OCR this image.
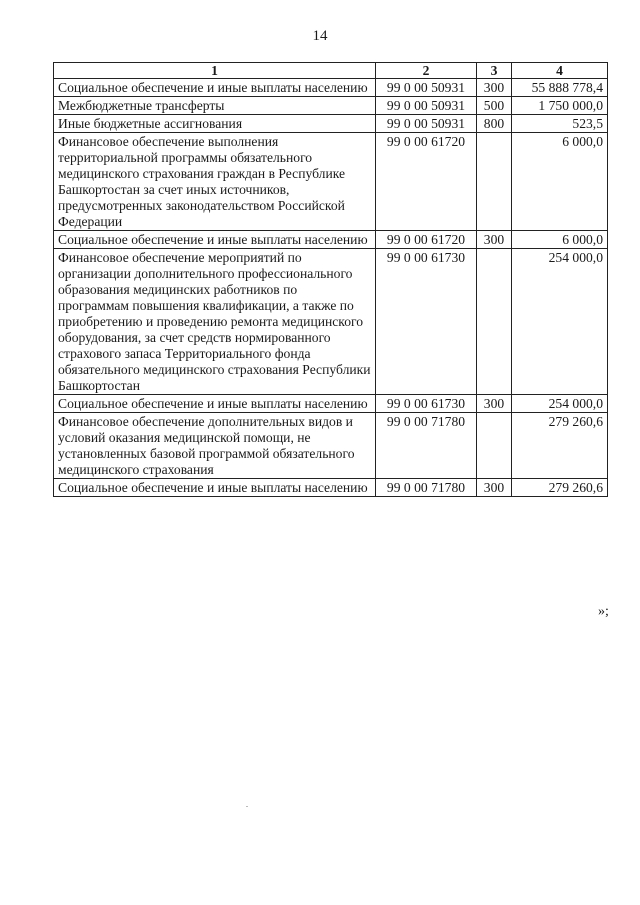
14
1	2	3	4
Социальное обеспечение и иные выплаты населению	99 0 00 50931	300	55 888 778,4
Межбюджетные трансферты	99 0 00 50931	500	1 750 000,0
Иные бюджетные ассигнования	99 0 00 50931	800	523,5
Финансовое обеспечение выполнения территориальной программы обязательного медицинского страхования граждан в Республике Башкортостан за счет иных источников, предусмотренных законодательством Российской Федерации	99 0 00 61720		6 000,0
Социальное обеспечение и иные выплаты населению	99 0 00 61720	300	6 000,0
Финансовое обеспечение мероприятий по организации дополнительного профессионального образования медицинских работников по программам повышения квалификации, а также по приобретению и проведению ремонта медицинского оборудования, за счет средств нормированного страхового запаса Территориального фонда обязательного медицинского страхования Республики Башкортостан	99 0 00 61730		254 000,0
Социальное обеспечение и иные выплаты населению	99 0 00 61730	300	254 000,0
Финансовое обеспечение дополнительных видов и условий оказания медицинской помощи, не установленных базовой программой обязательного медицинского страхования	99 0 00 71780		279 260,6
Социальное обеспечение и иные выплаты населению	99 0 00 71780	300	279 260,6
»;
